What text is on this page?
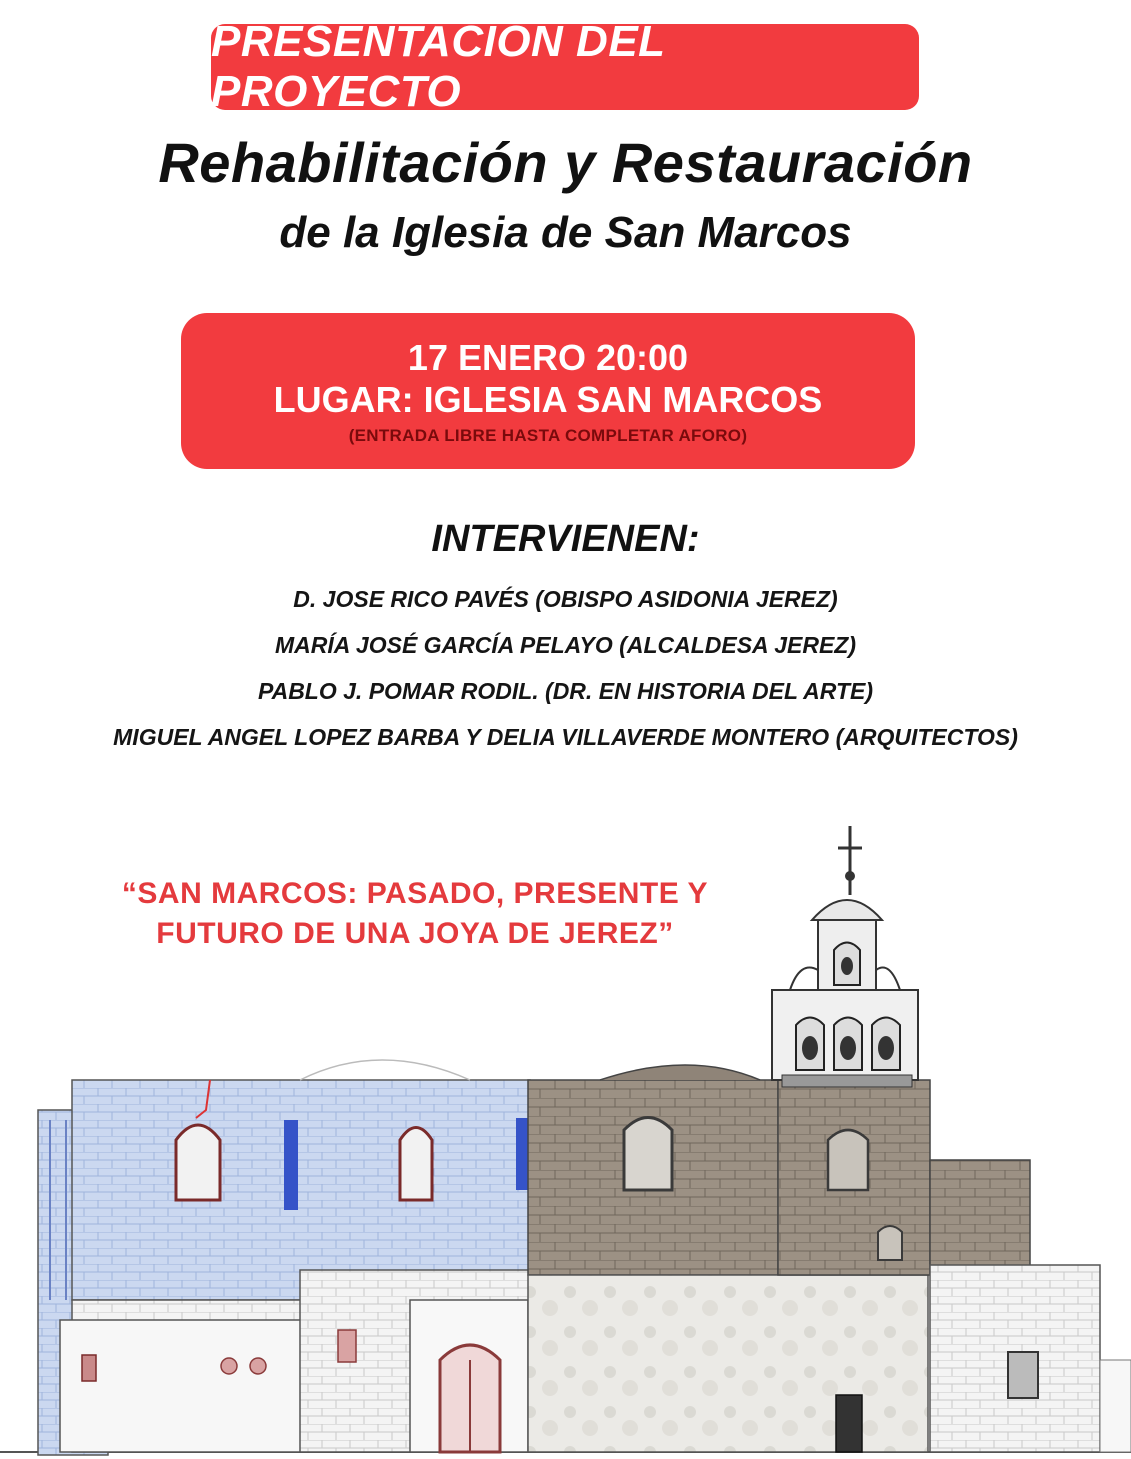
PRESENTACIÓN DEL PROYECTO
Rehabilitación y Restauración
de la Iglesia de San Marcos
17 ENERO 20:00
LUGAR: IGLESIA SAN MARCOS
(ENTRADA LIBRE HASTA COMPLETAR AFORO)
INTERVIENEN:
D. JOSE RICO PAVÉS (OBISPO ASIDONIA JEREZ)
MARÍA JOSÉ GARCÍA PELAYO (ALCALDESA JEREZ)
PABLO J. POMAR RODIL. (DR. EN HISTORIA DEL ARTE)
MIGUEL ANGEL LOPEZ BARBA Y DELIA VILLAVERDE MONTERO (ARQUITECTOS)
“SAN MARCOS: PASADO, PRESENTE Y
FUTURO DE UNA JOYA DE JEREZ”
